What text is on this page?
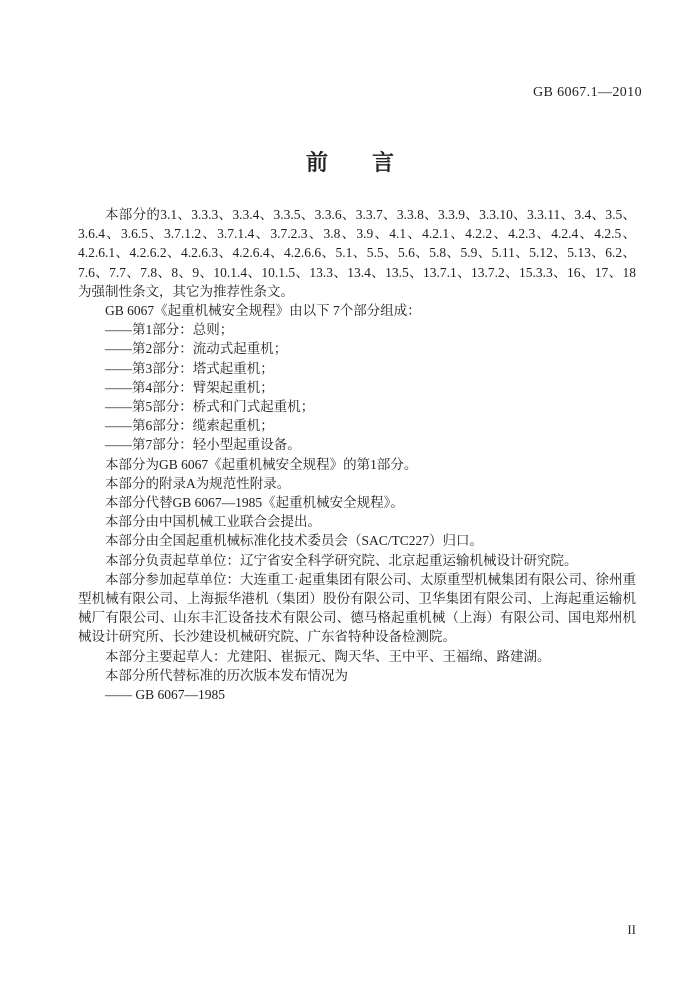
GB 6067.1—2010
前　　言

本部分的3.1、3.3.3、3.3.4、3.3.5、3.3.6、3.3.7、3.3.8、3.3.9、3.3.10、3.3.11、3.4、3.5、3.6.4、3.6.5、3.7.1.2、3.7.1.4、3.7.2.3、3.8、3.9、4.1、4.2.1、4.2.2、4.2.3、4.2.4、4.2.5、4.2.6.1、4.2.6.2、4.2.6.3、4.2.6.4、4.2.6.6、5.1、5.5、5.6、5.8、5.9、5.11、5.12、5.13、6.2、7.6、7.7、7.8、8、9、10.1.4、10.1.5、13.3、13.4、13.5、13.7.1、13.7.2、15.3.3、16、17、18为强制性条文，其它为推荐性条文。

GB 6067《起重机械安全规程》由以下 7个部分组成：

——第1部分：总则；

——第2部分：流动式起重机；

——第3部分：塔式起重机；

——第4部分：臂架起重机；

——第5部分：桥式和门式起重机；

——第6部分：缆索起重机；

——第7部分：轻小型起重设备。

本部分为GB 6067《起重机械安全规程》的第1部分。

本部分的附录A为规范性附录。

本部分代替GB 6067—1985《起重机械安全规程》。

本部分由中国机械工业联合会提出。

本部分由全国起重机械标准化技术委员会（SAC/TC227）归口。

本部分负责起草单位：辽宁省安全科学研究院、北京起重运输机械设计研究院。

本部分参加起草单位：大连重工·起重集团有限公司、太原重型机械集团有限公司、徐州重型机械有限公司、上海振华港机（集团）股份有限公司、卫华集团有限公司、上海起重运输机械厂有限公司、山东丰汇设备技术有限公司、德马格起重机械（上海）有限公司、国电郑州机械设计研究所、长沙建设机械研究院、广东省特种设备检测院。

本部分主要起草人：尤建阳、崔振元、陶天华、王中平、王福绵、路建湖。

本部分所代替标准的历次版本发布情况为

—— GB 6067—1985

II
